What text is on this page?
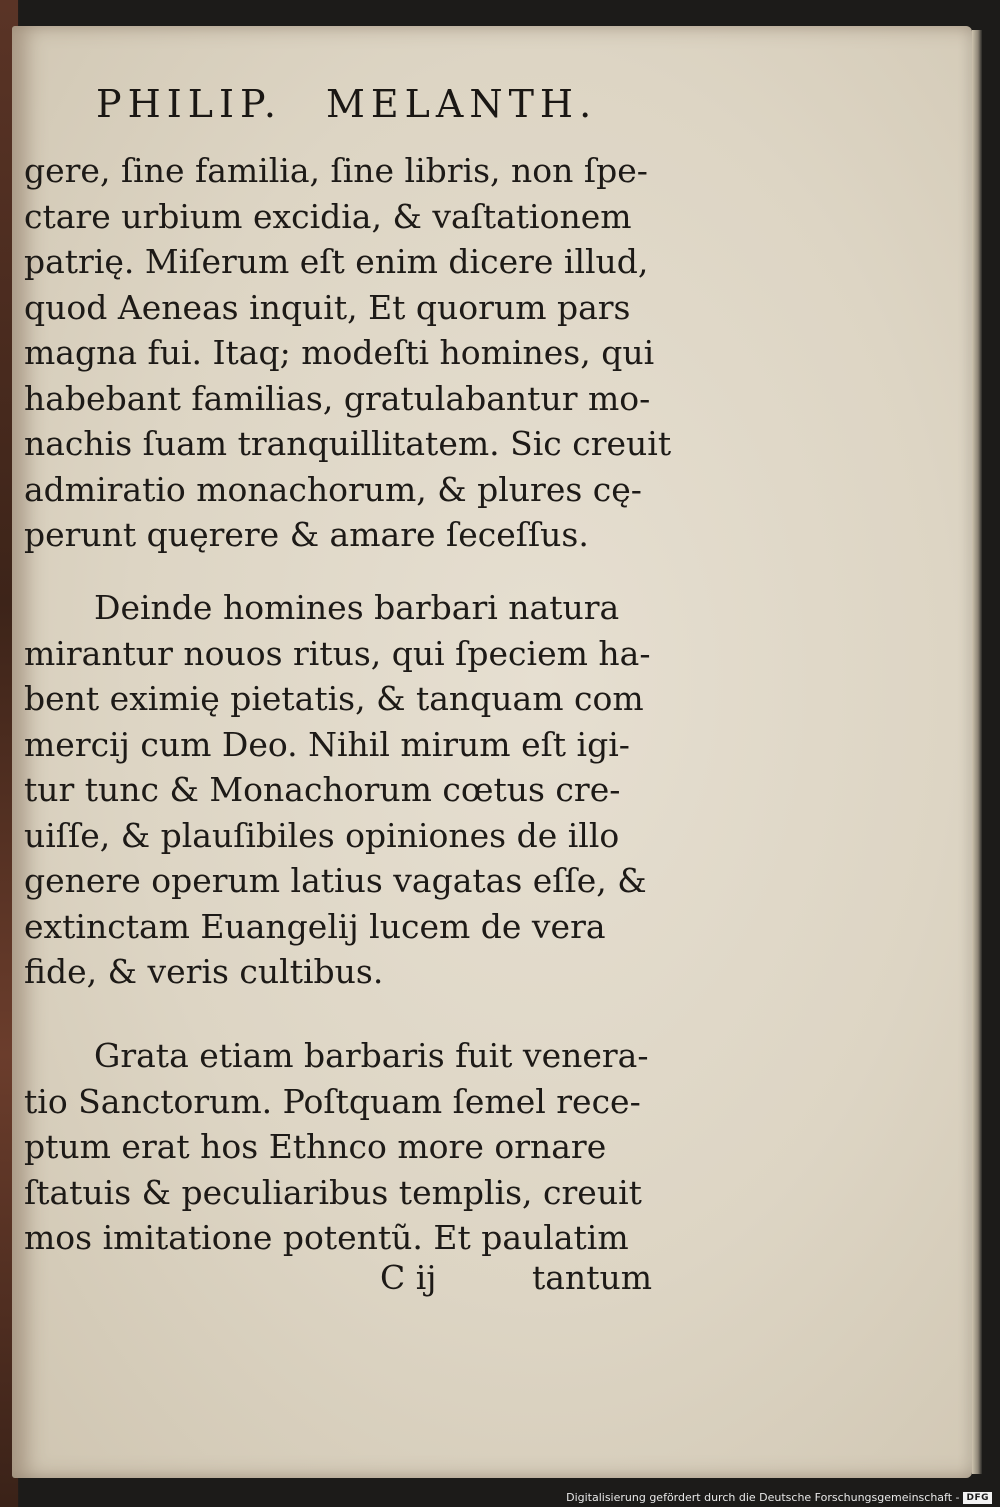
PHILIP. MELANTH.
gere, ſine familia, ſine libris, non ſpe-
ctare urbium excidia, & vaſtationem
patrię. Miſerum eſt enim dicere illud,
quod Aeneas inquit, Et quorum pars
magna fui. Itaq; modeſti homines, qui
habebant familias, gratulabantur mo-
nachis ſuam tranquillitatem. Sic creuit
admiratio monachorum, & plures cę-
perunt quęrere & amare ſeceſſus.
Deinde homines barbari natura
mirantur nouos ritus, qui ſpeciem ha-
bent eximię pietatis, & tanquam com
mercij cum Deo. Nihil mirum eſt igi-
tur tunc & Monachorum cœtus cre-
uiſſe, & plauſibiles opiniones de illo
genere operum latius vagatas eſſe, &
extinctam Euangelij lucem de vera
fide, & veris cultibus.
Grata etiam barbaris fuit venera-
tio Sanctorum. Poſtquam ſemel rece-
ptum erat hos Ethnco more ornare
ſtatuis & peculiaribus templis, creuit
mos imitatione potentũ. Et paulatim
C ij	tantum
Digitalisierung gefördert durch die Deutsche Forschungsgemeinschaft - DFG
